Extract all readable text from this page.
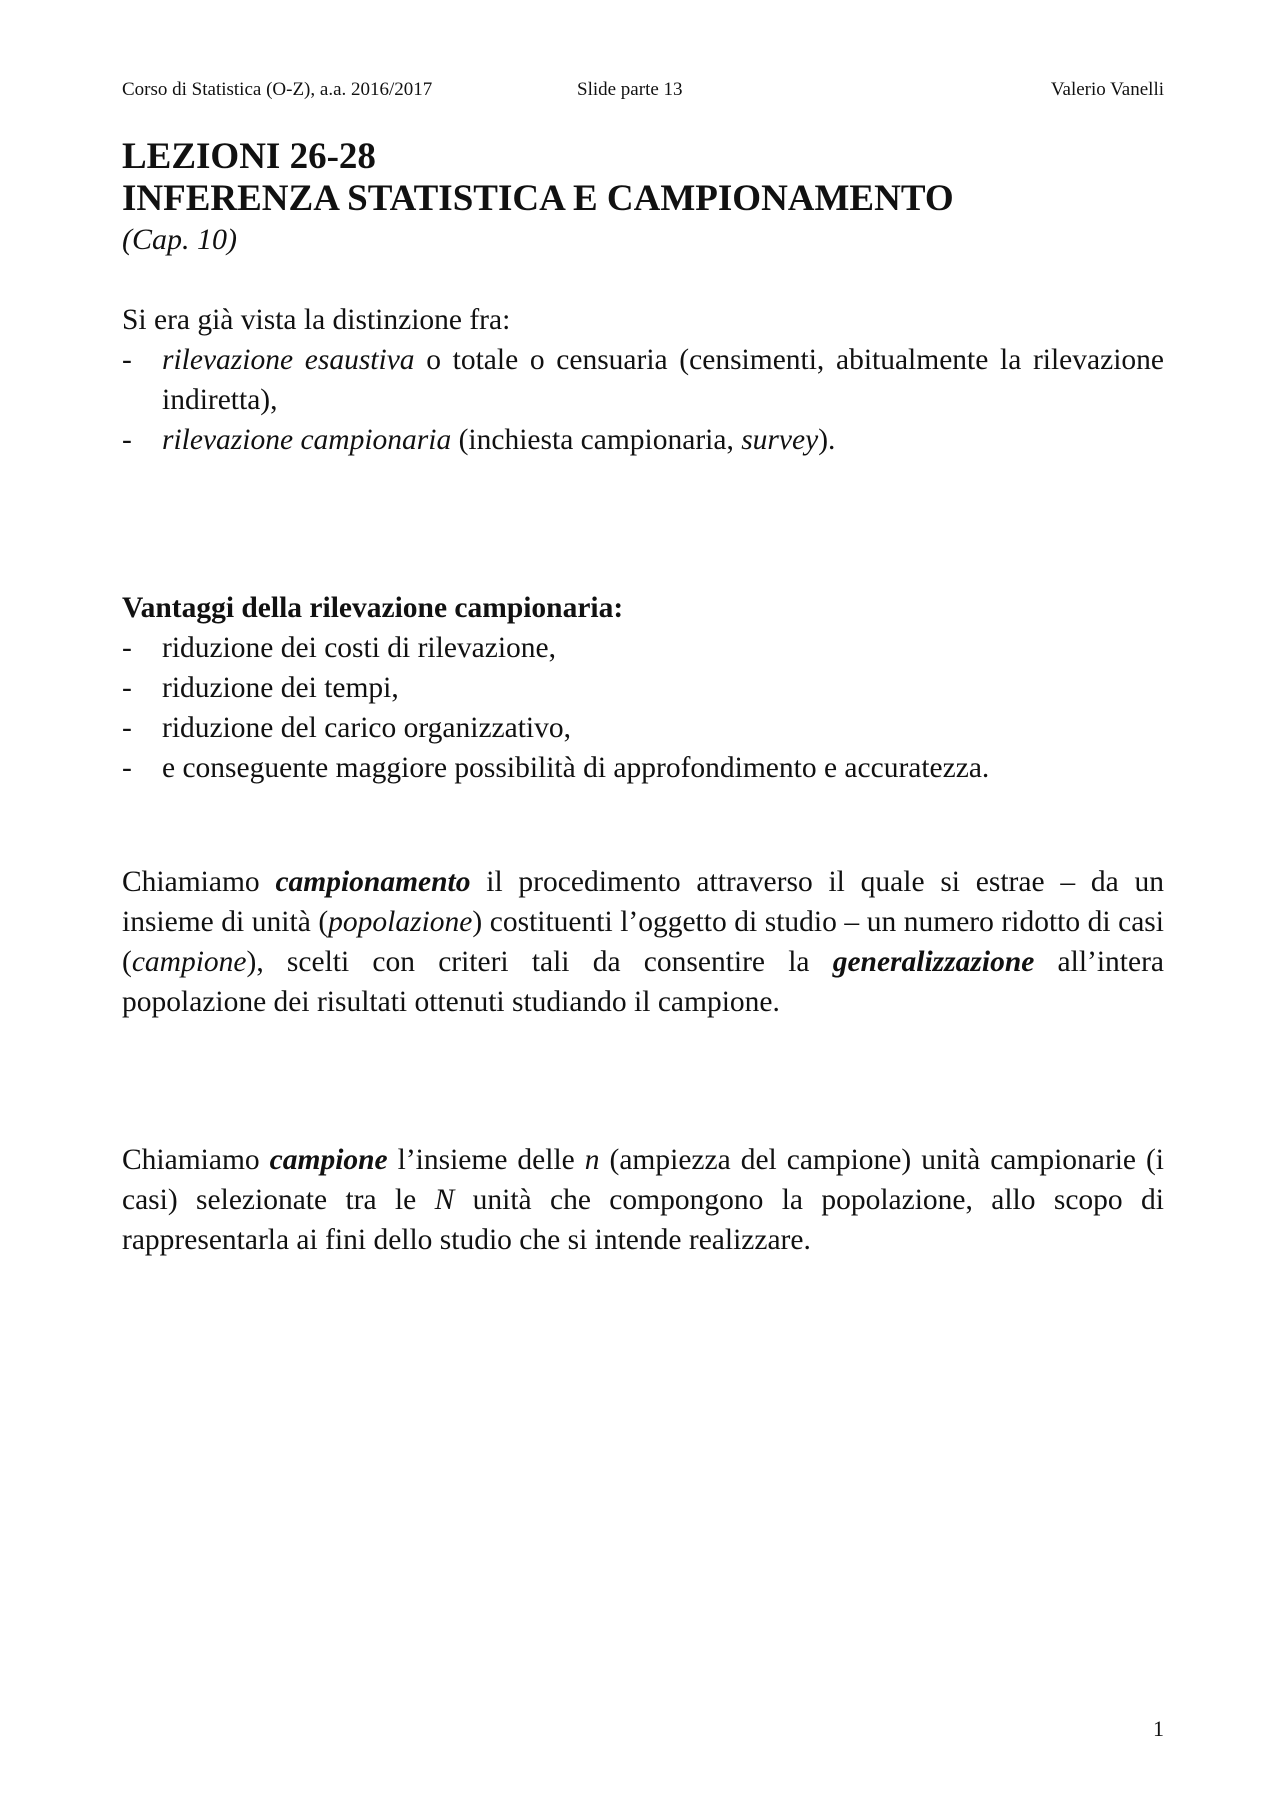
Corso di Statistica (O-Z), a.a. 2016/2017	Slide parte 13	Valerio Vanelli
LEZIONI 26-28
INFERENZA STATISTICA E CAMPIONAMENTO
(Cap. 10)
Si era già vista la distinzione fra:
- rilevazione esaustiva o totale o censuaria (censimenti, abitualmente la rilevazione indiretta),
- rilevazione campionaria (inchiesta campionaria, survey).
Vantaggi della rilevazione campionaria:
- riduzione dei costi di rilevazione,
- riduzione dei tempi,
- riduzione del carico organizzativo,
- e conseguente maggiore possibilità di approfondimento e accuratezza.
Chiamiamo campionamento il procedimento attraverso il quale si estrae – da un insieme di unità (popolazione) costituenti l’oggetto di studio – un numero ridotto di casi (campione), scelti con criteri tali da consentire la generalizzazione all’intera popolazione dei risultati ottenuti studiando il campione.
Chiamiamo campione l’insieme delle n (ampiezza del campione) unità campionarie (i casi) selezionate tra le N unità che compongono la popolazione, allo scopo di rappresentarla ai fini dello studio che si intende realizzare.
1
